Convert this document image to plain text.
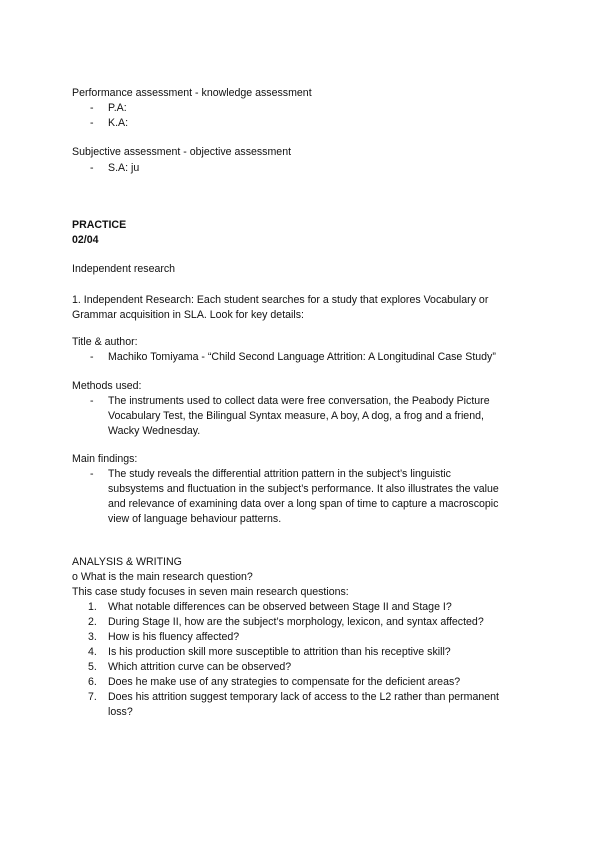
Performance assessment - knowledge assessment
- P.A:
- K.A:
Subjective assessment - objective assessment
- S.A: ju
PRACTICE
02/04
Independent research
1. Independent Research: Each student searches for a study that explores Vocabulary or
Grammar acquisition in SLA. Look for key details:
Title & author:
- Machiko Tomiyama - “Child Second Language Attrition: A Longitudinal Case Study”
Methods used:
- The instruments used to collect data were free conversation, the Peabody Picture Vocabulary Test, the Bilingual Syntax measure, A boy, A dog, a frog and a friend, Wacky Wednesday.
Main findings:
- The study reveals the differential attrition pattern in the subject’s linguistic subsystems and fluctuation in the subject’s performance. It also illustrates the value and relevance of examining data over a long span of time to capture a macroscopic view of language behaviour patterns.
ANALYSIS & WRITING
o What is the main research question?
This case study focuses in seven main research questions:
1. What notable differences can be observed between Stage II and Stage I?
2. During Stage II, how are the subject’s morphology, lexicon, and syntax affected?
3. How is his fluency affected?
4. Is his production skill more susceptible to attrition than his receptive skill?
5. Which attrition curve can be observed?
6. Does he make use of any strategies to compensate for the deficient areas?
7. Does his attrition suggest temporary lack of access to the L2 rather than permanent loss?
